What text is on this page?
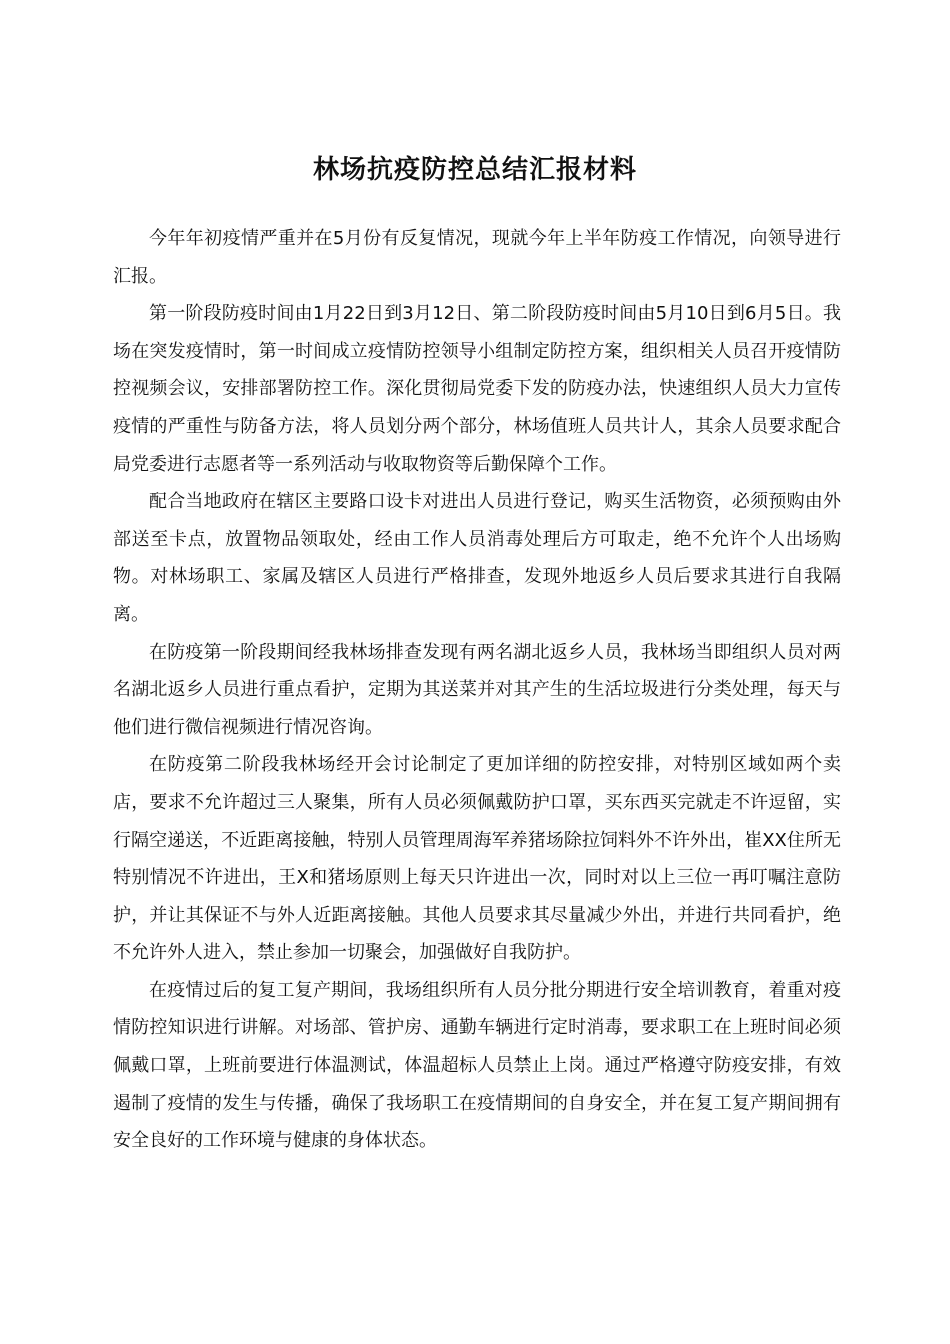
林场抗疫防控总结汇报材料

今年年初疫情严重并在5月份有反复情况，现就今年上半年防疫工作情况，向领导进行汇报。

第一阶段防疫时间由1月22日到3月12日、第二阶段防疫时间由5月10日到6月5日。我场在突发疫情时，第一时间成立疫情防控领导小组制定防控方案，组织相关人员召开疫情防控视频会议，安排部署防控工作。深化贯彻局党委下发的防疫办法，快速组织人员大力宣传疫情的严重性与防备方法，将人员划分两个部分，林场值班人员共计人，其余人员要求配合局党委进行志愿者等一系列活动与收取物资等后勤保障个工作。

配合当地政府在辖区主要路口设卡对进出人员进行登记，购买生活物资，必须预购由外部送至卡点，放置物品领取处，经由工作人员消毒处理后方可取走，绝不允许个人出场购物。对林场职工、家属及辖区人员进行严格排查，发现外地返乡人员后要求其进行自我隔离。

在防疫第一阶段期间经我林场排查发现有两名湖北返乡人员，我林场当即组织人员对两名湖北返乡人员进行重点看护，定期为其送菜并对其产生的生活垃圾进行分类处理，每天与他们进行微信视频进行情况咨询。

在防疫第二阶段我林场经开会讨论制定了更加详细的防控安排，对特别区域如两个卖店，要求不允许超过三人聚集，所有人员必须佩戴防护口罩，买东西买完就走不许逗留，实行隔空递送，不近距离接触，特别人员管理周海军养猪场除拉饲料外不许外出，崔XX住所无特别情况不许进出，王X和猪场原则上每天只许进出一次，同时对以上三位一再叮嘱注意防护，并让其保证不与外人近距离接触。其他人员要求其尽量减少外出，并进行共同看护，绝不允许外人进入，禁止参加一切聚会，加强做好自我防护。

在疫情过后的复工复产期间，我场组织所有人员分批分期进行安全培训教育，着重对疫情防控知识进行讲解。对场部、管护房、通勤车辆进行定时消毒，要求职工在上班时间必须佩戴口罩，上班前要进行体温测试，体温超标人员禁止上岗。通过严格遵守防疫安排，有效遏制了疫情的发生与传播，确保了我场职工在疫情期间的自身安全，并在复工复产期间拥有安全良好的工作环境与健康的身体状态。
